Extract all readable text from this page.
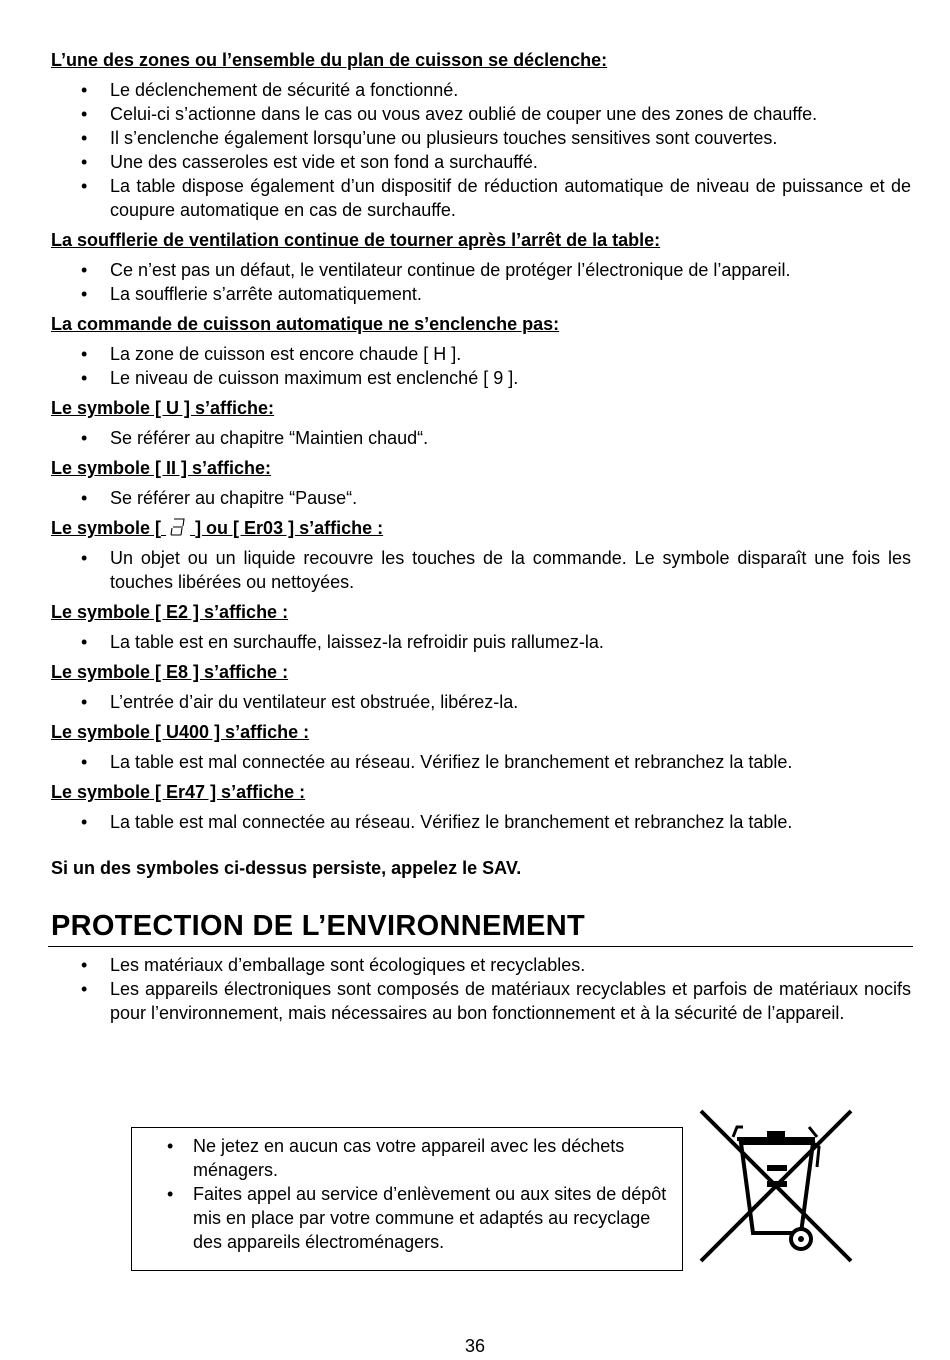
L’une des zones ou l’ensemble du plan de cuisson se déclenche:
• Le déclenchement de sécurité a fonctionné.
• Celui-ci s’actionne dans le cas ou vous avez oublié de couper une des zones de chauffe.
• Il s’enclenche également lorsqu’une ou plusieurs touches sensitives sont couvertes.
• Une des casseroles est vide et son fond a surchauffé.
• La table dispose également d’un dispositif de réduction automatique de niveau de puissance et de coupure automatique en cas de surchauffe.
La soufflerie de ventilation continue de tourner après l’arrêt de la table:
• Ce n’est pas un défaut, le ventilateur continue de protéger l’électronique de l’appareil.
• La soufflerie s’arrête automatiquement.
La commande de cuisson automatique ne s’enclenche pas:
• La zone de cuisson est encore chaude [ H ].
• Le niveau de cuisson maximum est enclenché [ 9 ].
Le symbole [ U ] s’affiche:
• Se référer au chapitre “Maintien chaud“.
Le symbole [ II ] s’affiche:
• Se référer au chapitre “Pause“.
Le symbole [ ] ou [ Er03 ] s’affiche :
• Un objet ou un liquide recouvre les touches de la commande. Le symbole disparaît une fois les touches libérées ou nettoyées.
Le symbole [ E2 ] s’affiche :
• La table est en surchauffe, laissez-la refroidir puis rallumez-la.
Le symbole [ E8 ] s’affiche :
• L’entrée d’air du ventilateur est obstruée, libérez-la.
Le symbole [ U400 ] s’affiche :
• La table est mal connectée au réseau. Vérifiez le branchement et rebranchez la table.
Le symbole [ Er47 ] s’affiche :
• La table est mal connectée au réseau. Vérifiez le branchement et rebranchez la table.

Si un des symboles ci-dessus persiste, appelez le SAV.

PROTECTION DE L’ENVIRONNEMENT
• Les matériaux d’emballage sont écologiques et recyclables.
• Les appareils électroniques sont composés de matériaux recyclables et parfois de matériaux nocifs pour l’environnement, mais nécessaires au bon fonctionnement et à la sécurité de l’appareil.
• Ne jetez en aucun cas votre appareil avec les déchets ménagers.
• Faites appel au service d’enlèvement ou aux sites de dépôt mis en place par votre commune et adaptés au recyclage des appareils électroménagers.
36
